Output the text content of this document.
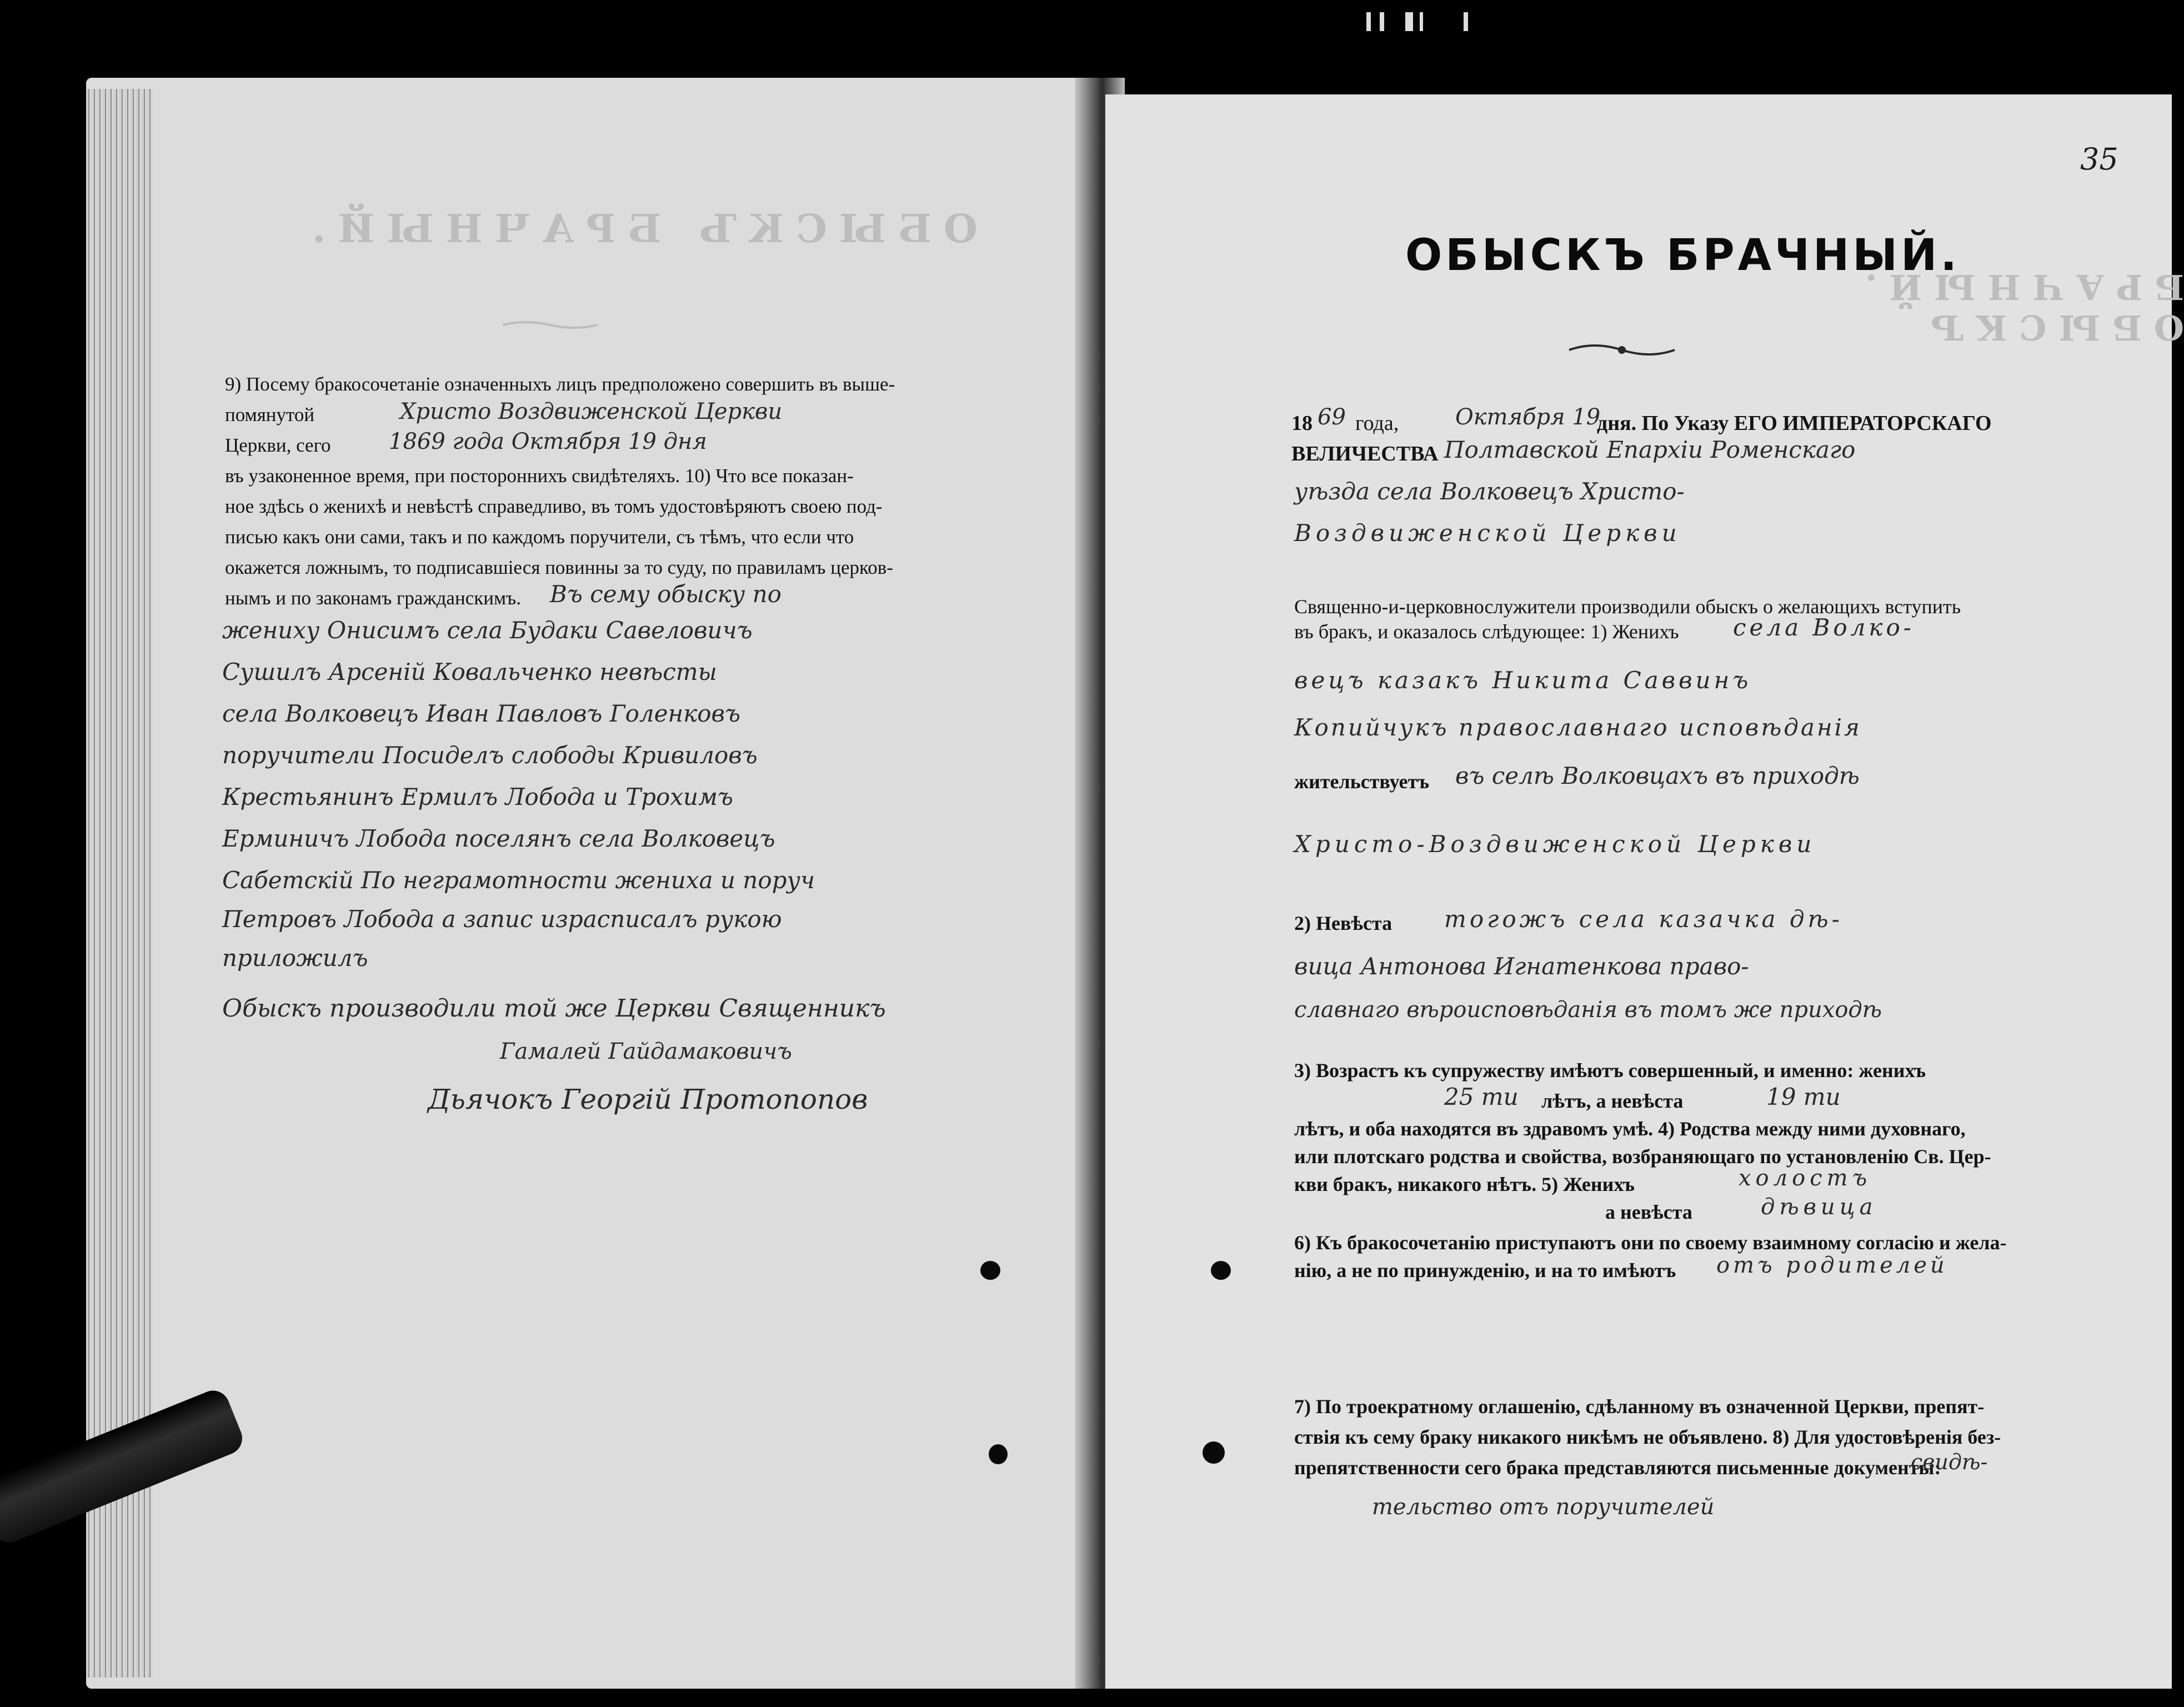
ОБЫСКЪ БРАЧНЫЙ.
9) Посему бракосочетаніе означенныхъ лицъ предположено совершить въ выше-
помянутой
Церкви, сего
въ узаконенное время, при постороннихъ свидѣтеляхъ. 10) Что все показан-
ное здѣсь о женихѣ и невѣстѣ справедливо, въ томъ удостовѣряютъ своею под-
писью какъ они сами, такъ и по каждомъ поручители, съ тѣмъ, что если что
окажется ложнымъ, то подписавшіеся повинны за то суду, по правиламъ церков-
нымъ и по законамъ гражданскимъ.
Христо Воздвиженской Церкви
1869 года Октября 19 дня
Въ сему обыску по
жениху Онисимъ села Будаки Савеловичъ
Сушилъ Арсеній Ковальченко невѣсты
села Волковецъ Иван Павловъ Голенковъ
поручители Посиделъ слободы Кривиловъ
Крестьянинъ Ермилъ Лобода и Трохимъ
Ерминичъ Лобода поселянъ села Волковецъ
Сабетскій По неграмотности жениха и поруч
Петровъ Лобода а запис израсписалъ рукою
приложилъ
Обыскъ производили той же Церкви Священникъ
Гамалей Гайдамаковичъ
Дьячокъ Георгій Протопопов
ОБЫСКЪ БРАЧНЫЙ.
35
ОБЫСКЪ БРАЧНЫЙ.
18 69 года,	Октября 19
дня. По Указу ЕГО ИМПЕРАТОРСКАГО
ВЕЛИЧЕСТВА Полтавской Епархіи Роменскаго
уѣзда села Волковецъ Христо-
Воздвиженской Церкви
Священно-и-церковнослужители производили обыскъ о желающихъ вступить
въ бракъ, и оказалось слѣдующее: 1) Женихъ села Волко-
вецъ казакъ Никита Саввинъ
Копийчукъ православнаго исповѣданія
жительствуетъ въ селѣ Волковцахъ въ приходѣ
Христо-Воздвиженской Церкви
2) Невѣста тогожъ села казачка дѣ-
вица Антонова Игнатенкова право-
славнаго вѣроисповѣданія въ томъ же приходѣ
3) Возрастъ къ супружеству имѣютъ совершенный, и именно: женихъ
25 ти лѣтъ, а невѣста	19 ти
лѣтъ, и оба находятся въ здравомъ умѣ. 4) Родства между ними духовнаго,
или плотскаго родства и свойства, возбраняющаго по установленію Св. Цер-
кви бракъ, никакого нѣтъ. 5) Женихъ	холостъ
а невѣста	дѣвица
6) Къ бракосочетанію приступаютъ они по своему взаимному согласію и жела-
нію, а не по принужденію, и на то имѣютъ отъ родителей
7) По троекратному оглашенію, сдѣланному въ означенной Церкви, препят-
ствія къ сему браку никакого никѣмъ не объявлено. 8) Для удостовѣренія без-
препятственности сего брака представляются письменные документы:
свидѣ-
тельство отъ поручителей
